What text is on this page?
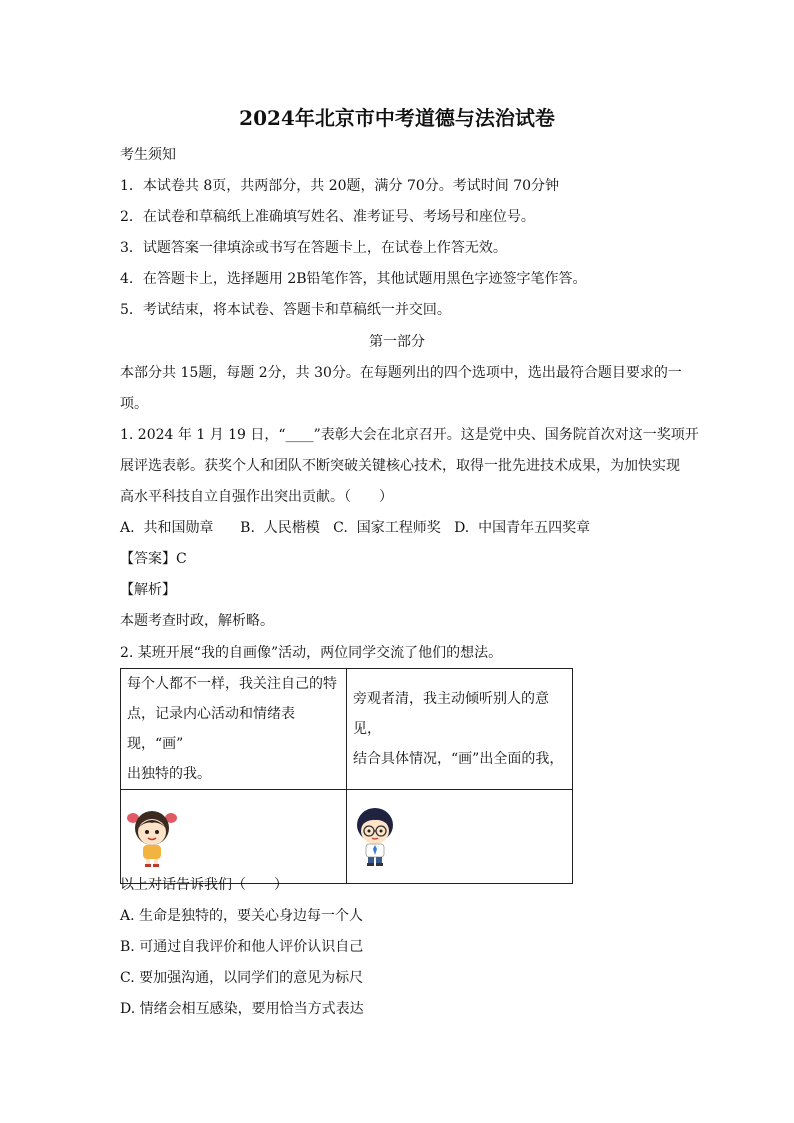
2024年北京市中考道德与法治试卷
考生须知
1．本试卷共 8页，共两部分，共 20题，满分 70分。考试时间 70分钟
2．在试卷和草稿纸上准确填写姓名、准考证号、考场号和座位号。
3．试题答案一律填涂或书写在答题卡上，在试卷上作答无效。
4．在答题卡上，选择题用 2B铅笔作答，其他试题用黑色字迹签字笔作答。
5．考试结束，将本试卷、答题卡和草稿纸一并交回。
第一部分
本部分共 15题，每题 2分，共 30分。在每题列出的四个选项中，选出最符合题目要求的一
项。
1. 2024 年 1 月 19 日，“____”表彰大会在北京召开。这是党中央、国务院首次对这一奖项开
展评选表彰。获奖个人和团队不断突破关键核心技术，取得一批先进技术成果，为加快实现
高水平科技自立自强作出突出贡献。（　　）
A.  共和国勋章      B.  人民楷模   C.  国家工程师奖   D.  中国青年五四奖章
【答案】C
【解析】
本题考查时政，解析略。
2. 某班开展“我的自画像”活动，两位同学交流了他们的想法。
每个人都不一样，我关注自己的特
点，记录内心活动和情绪表现，“画”
出独特的我。	旁观者清，我主动倾听别人的意见，
结合具体情况，“画”出全面的我，

以上对话告诉我们（　　）
A. 生命是独特的，要关心身边每一个人
B. 可通过自我评价和他人评价认识自己
C. 要加强沟通，以同学们的意见为标尺
D. 情绪会相互感染，要用恰当方式表达
